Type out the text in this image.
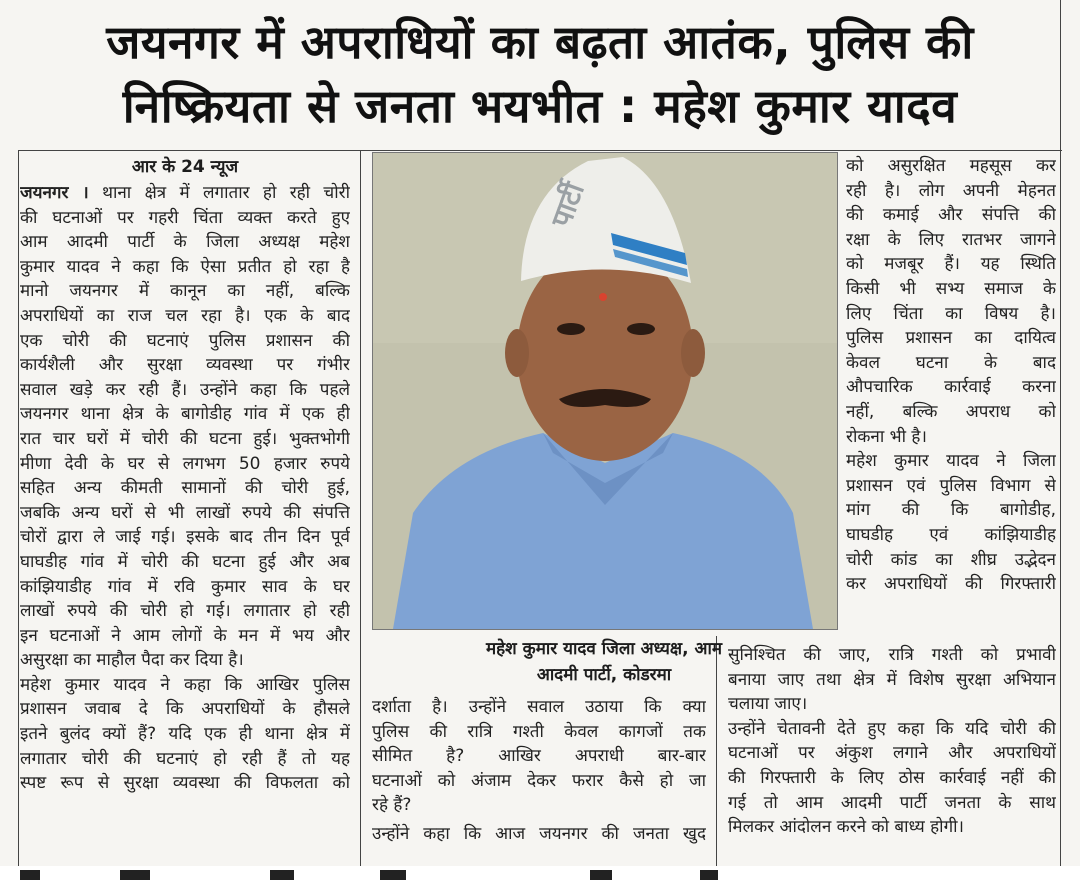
जयनगर में अपराधियों का बढ़ता आतंक, पुलिस की
निष्क्रियता से जनता भयभीत : महेश कुमार यादव
आर के 24 न्यूज
जयनगर । थाना क्षेत्र में लगातार हो रही चोरी
की घटनाओं पर गहरी चिंता व्यक्त करते हुए
आम आदमी पार्टी के जिला अध्यक्ष महेश
कुमार यादव ने कहा कि ऐसा प्रतीत हो रहा है
मानो जयनगर में कानून का नहीं, बल्कि
अपराधियों का राज चल रहा है। एक के बाद
एक चोरी की घटनाएं पुलिस प्रशासन की
कार्यशैली और सुरक्षा व्यवस्था पर गंभीर
सवाल खड़े कर रही हैं। उन्होंने कहा कि पहले
जयनगर थाना क्षेत्र के बागोडीह गांव में एक ही
रात चार घरों में चोरी की घटना हुई। भुक्तभोगी
मीणा देवी के घर से लगभग 50 हजार रुपये
सहित अन्य कीमती सामानों की चोरी हुई,
जबकि अन्य घरों से भी लाखों रुपये की संपत्ति
चोरों द्वारा ले जाई गई। इसके बाद तीन दिन पूर्व
घाघडीह गांव में चोरी की घटना हुई और अब
कांझियाडीह गांव में रवि कुमार साव के घर
लाखों रुपये की चोरी हो गई। लगातार हो रही
इन घटनाओं ने आम लोगों के मन में भय और
असुरक्षा का माहौल पैदा कर दिया है।
महेश कुमार यादव ने कहा कि आखिर पुलिस
प्रशासन जवाब दे कि अपराधियों के हौसले
इतने बुलंद क्यों हैं? यदि एक ही थाना क्षेत्र में
लगातार चोरी की घटनाएं हो रही हैं तो यह
स्पष्ट रूप से सुरक्षा व्यवस्था की विफलता को
पार्टी
महेश कुमार यादव जिला अध्यक्ष, आम
आदमी पार्टी, कोडरमा
दर्शाता है। उन्होंने सवाल उठाया कि क्या
पुलिस की रात्रि गश्ती केवल कागजों तक
सीमित है? आखिर अपराधी बार-बार
घटनाओं को अंजाम देकर फरार कैसे हो जा
रहे हैं?
उन्होंने कहा कि आज जयनगर की जनता खुद
को असुरक्षित महसूस कर
रही है। लोग अपनी मेहनत
की कमाई और संपत्ति की
रक्षा के लिए रातभर जागने
को मजबूर हैं। यह स्थिति
किसी भी सभ्य समाज के
लिए चिंता का विषय है।
पुलिस प्रशासन का दायित्व
केवल घटना के बाद
औपचारिक कार्रवाई करना
नहीं, बल्कि अपराध को
रोकना भी है।
महेश कुमार यादव ने जिला
प्रशासन एवं पुलिस विभाग से
मांग की कि बागोडीह,
घाघडीह एवं कांझियाडीह
चोरी कांड का शीघ्र उद्भेदन
कर अपराधियों की गिरफ्तारी
सुनिश्चित की जाए, रात्रि गश्ती को प्रभावी
बनाया जाए तथा क्षेत्र में विशेष सुरक्षा अभियान
चलाया जाए।
उन्होंने चेतावनी देते हुए कहा कि यदि चोरी की
घटनाओं पर अंकुश लगाने और अपराधियों
की गिरफ्तारी के लिए ठोस कार्रवाई नहीं की
गई तो आम आदमी पार्टी जनता के साथ
मिलकर आंदोलन करने को बाध्य होगी।
